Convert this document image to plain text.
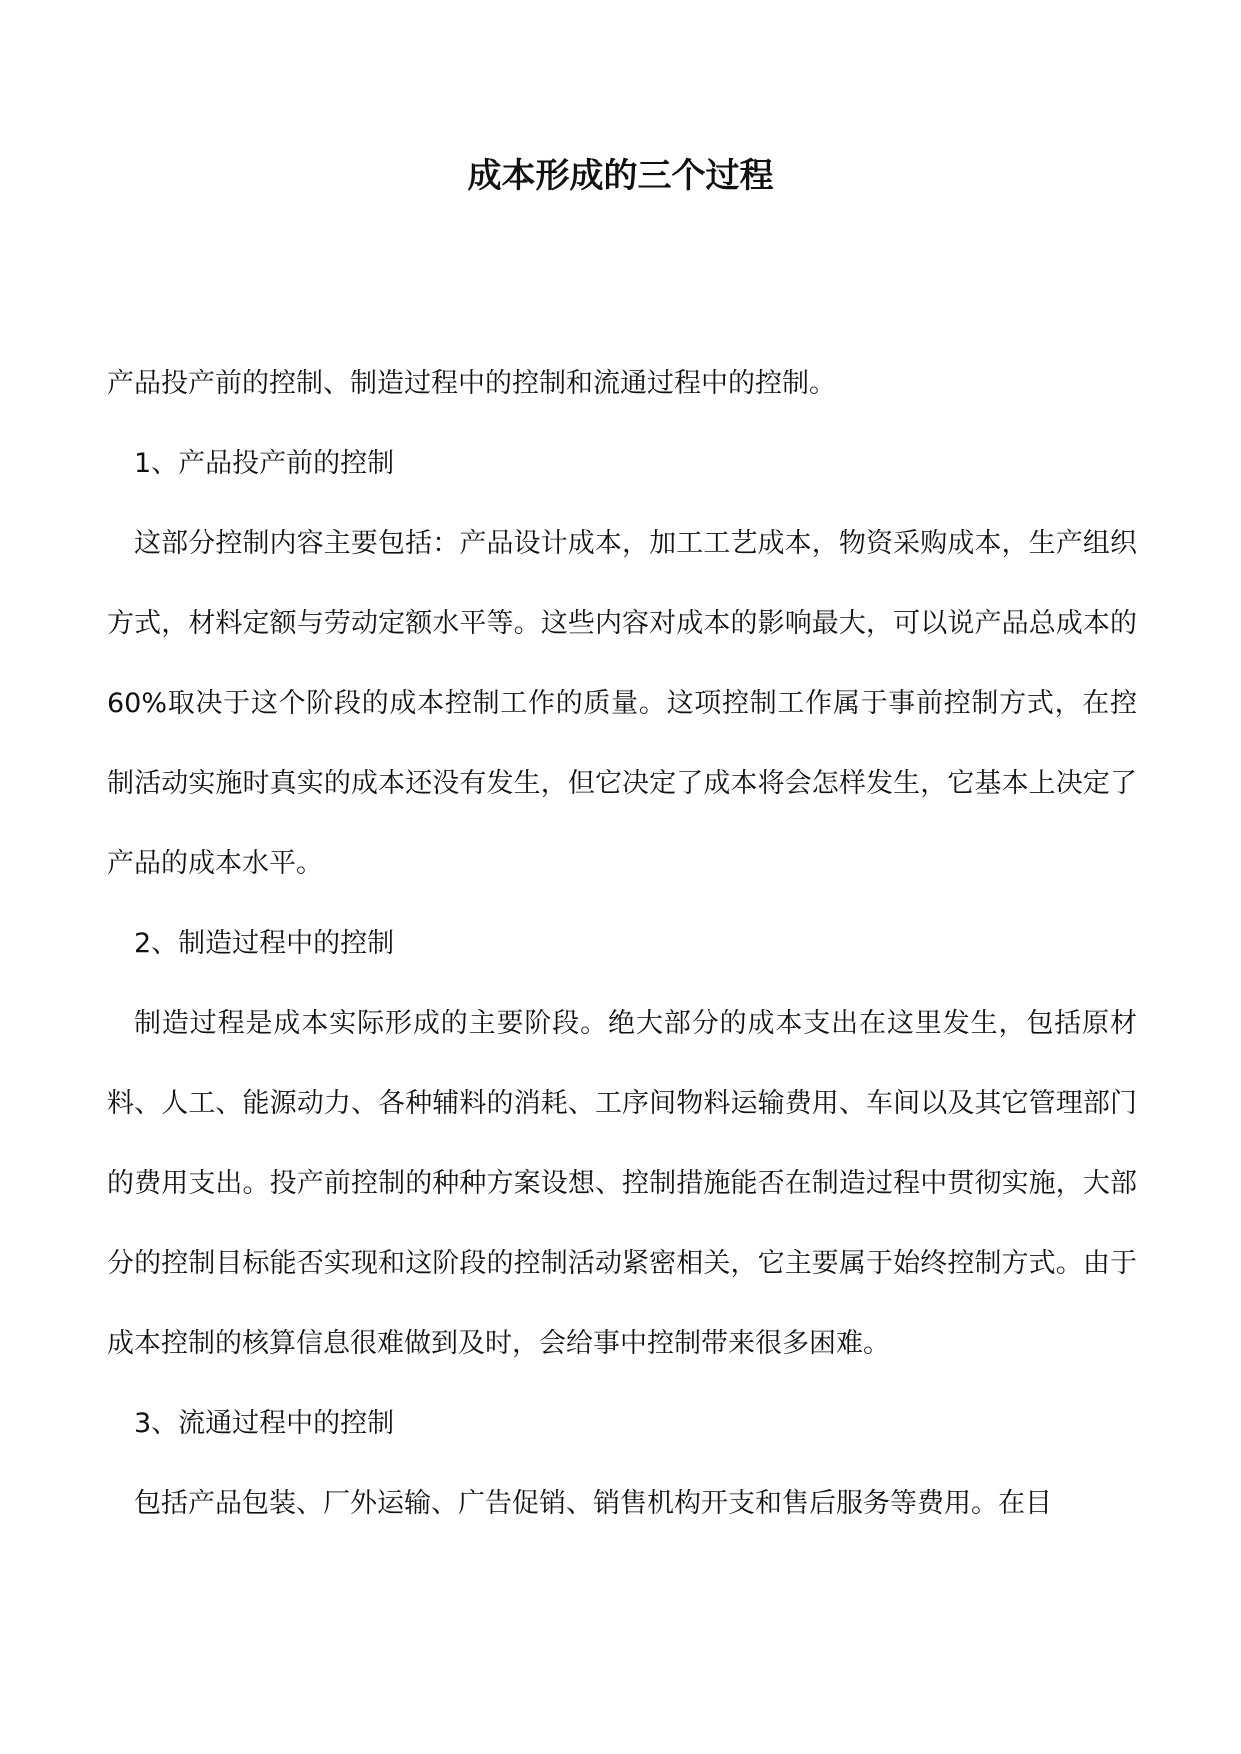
成本形成的三个过程

产品投产前的控制、制造过程中的控制和流通过程中的控制。

1、产品投产前的控制

这部分控制内容主要包括：产品设计成本，加工工艺成本，物资采购成本，生产组织方式，材料定额与劳动定额水平等。这些内容对成本的影响最大，可以说产品总成本的 60%取决于这个阶段的成本控制工作的质量。这项控制工作属于事前控制方式，在控制活动实施时真实的成本还没有发生，但它决定了成本将会怎样发生，它基本上决定了产品的成本水平。

2、制造过程中的控制

制造过程是成本实际形成的主要阶段。绝大部分的成本支出在这里发生，包括原材料、人工、能源动力、各种辅料的消耗、工序间物料运输费用、车间以及其它管理部门的费用支出。投产前控制的种种方案设想、控制措施能否在制造过程中贯彻实施，大部分的控制目标能否实现和这阶段的控制活动紧密相关，它主要属于始终控制方式。由于成本控制的核算信息很难做到及时，会给事中控制带来很多困难。

3、流通过程中的控制

包括产品包装、厂外运输、广告促销、销售机构开支和售后服务等费用。在目
